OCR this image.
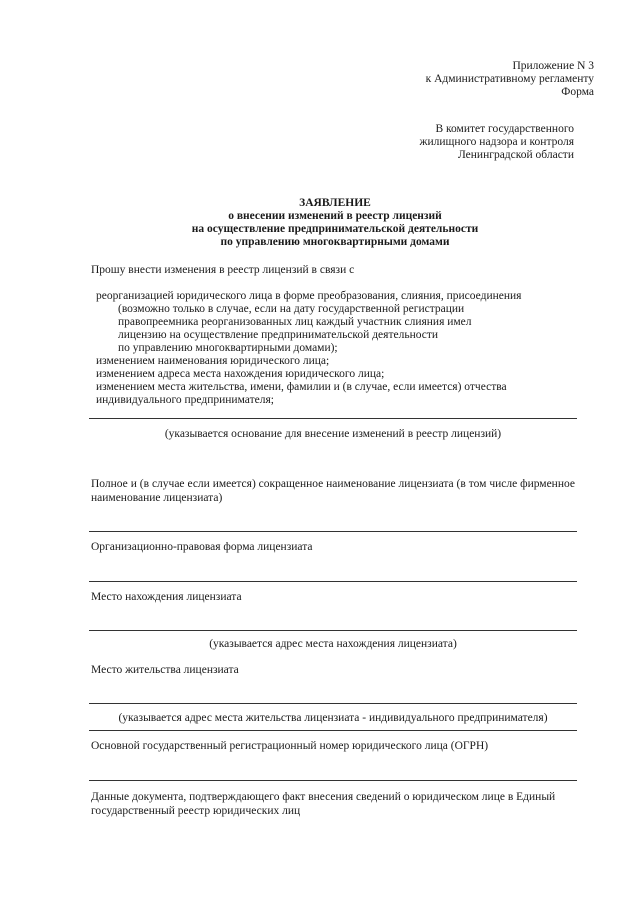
Приложение N 3
к Административному регламенту
Форма
В комитет государственного
жилищного надзора и контроля
Ленинградской области
ЗАЯВЛЕНИЕ
о внесении изменений в реестр лицензий
на осуществление предпринимательской деятельности
по управлению многоквартирными домами
Прошу внести изменения в реестр лицензий в связи с
реорганизацией юридического лица в форме преобразования, слияния, присоединения
(возможно только в случае, если на дату государственной регистрации
правопреемника реорганизованных лиц каждый участник слияния имел
лицензию на осуществление предпринимательской деятельности
по управлению многоквартирными домами);
изменением наименования юридического лица;
изменением адреса места нахождения юридического лица;
изменением места жительства, имени, фамилии и (в случае, если имеется) отчества
индивидуального предпринимателя;
(указывается основание для внесение изменений в реестр лицензий)
Полное и (в случае если имеется) сокращенное наименование лицензиата (в том числе фирменное наименование лицензиата)
Организационно-правовая форма лицензиата
Место нахождения лицензиата
(указывается адрес места нахождения лицензиата)
Место жительства лицензиата
(указывается адрес места жительства лицензиата - индивидуального предпринимателя)
Основной государственный регистрационный номер юридического лица (ОГРН)
Данные документа, подтверждающего факт внесения сведений о юридическом лице в Единый государственный реестр юридических лиц
